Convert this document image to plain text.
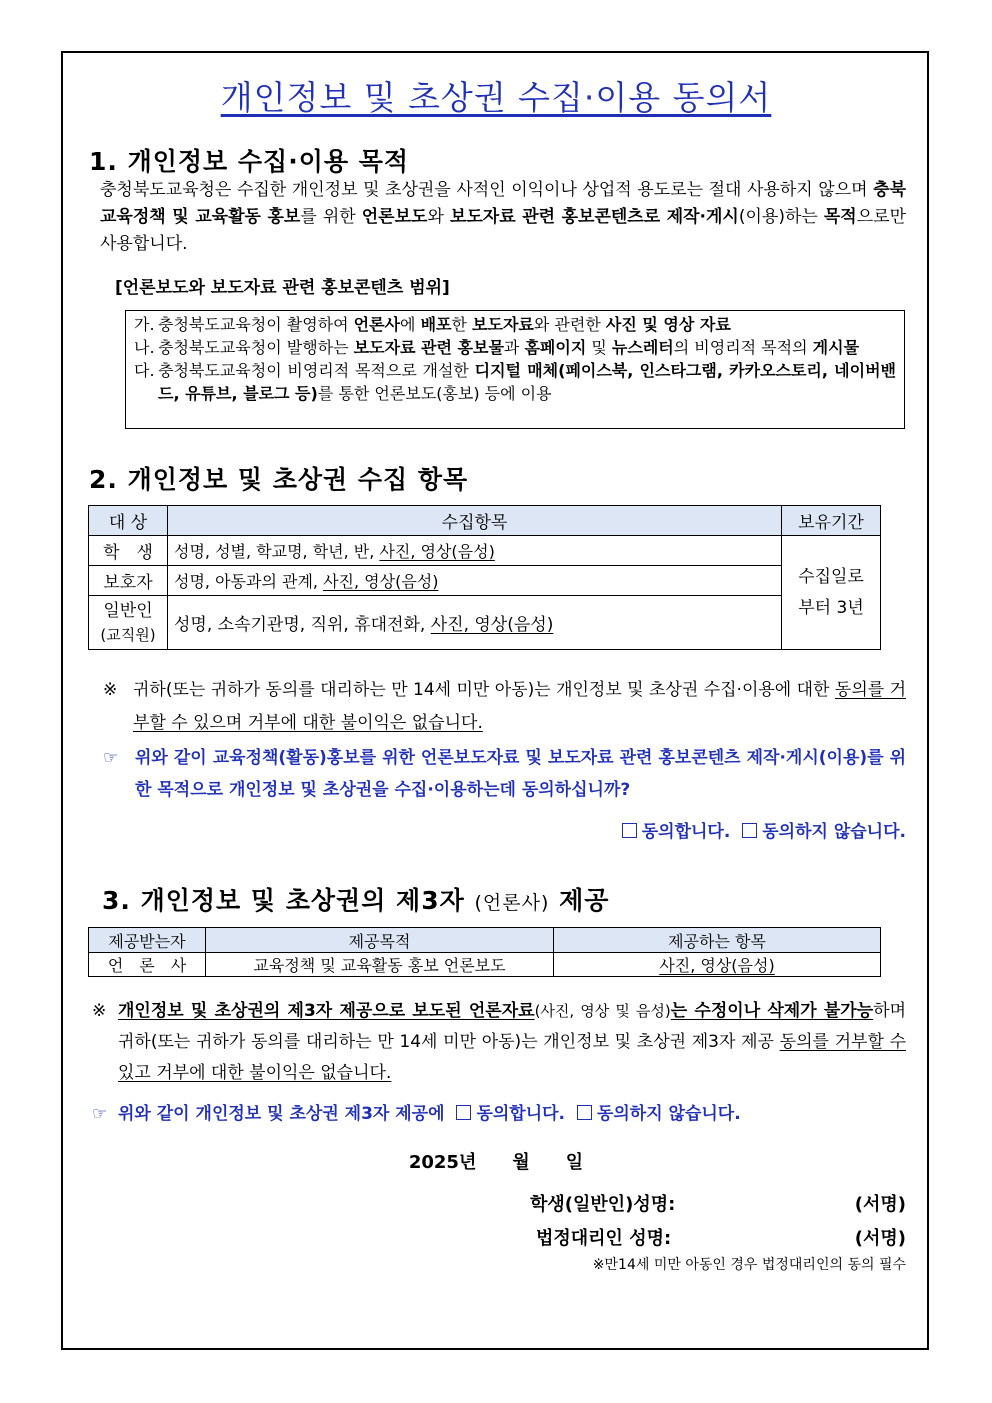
개인정보 및 초상권 수집·이용 동의서
1. 개인정보 수집·이용 목적
충청북도교육청은 수집한 개인정보 및 초상권을 사적인 이익이나 상업적 용도로는 절대 사용하지 않으며 충북교육정책 및 교육활동 홍보를 위한 언론보도와 보도자료 관련 홍보콘텐츠로 제작·게시(이용)하는 목적으로만 사용합니다.
[언론보도와 보도자료 관련 홍보콘텐츠 범위]
가. 충청북도교육청이 촬영하여 언론사에 배포한 보도자료와 관련한 사진 및 영상 자료
나. 충청북도교육청이 발행하는 보도자료 관련 홍보물과 홈페이지 및 뉴스레터의 비영리적 목적의 게시물
다. 충청북도교육청이 비영리적 목적으로 개설한 디지털 매체(페이스북, 인스타그램, 카카오스토리, 네이버밴드, 유튜브, 블로그 등)를 통한 언론보도(홍보) 등에 이용
2. 개인정보 및 초상권 수집 항목
대 상	수집항목	보유기간
학　생	성명, 성별, 학교명, 학년, 반, 사진, 영상(음성)	수집일로
부터 3년

보호자	성명, 아동과의 관계, 사진, 영상(음성)	

일반인
(교직원)	성명, 소속기관명, 직위, 휴대전화, 사진, 영상(음성)	
※ 귀하(또는 귀하가 동의를 대리하는 만 14세 미만 아동)는 개인정보 및 초상권 수집·이용에 대한 동의를 거부할 수 있으며 거부에 대한 불이익은 없습니다.
☞ 위와 같이 교육정책(활동)홍보를 위한 언론보도자료 및 보도자료 관련 홍보콘텐츠 제작·게시(이용)를 위한 목적으로 개인정보 및 초상권을 수집·이용하는데 동의하십니까?
동의합니다. 동의하지 않습니다.
3. 개인정보 및 초상권의 제3자 (언론사) 제공
제공받는자	제공목적	제공하는 항목
언　론　사	교육정책 및 교육활동 홍보 언론보도	사진, 영상(음성)
※ 개인정보 및 초상권의 제3자 제공으로 보도된 언론자료(사진, 영상 및 음성)는 수정이나 삭제가 불가능하며 귀하(또는 귀하가 동의를 대리하는 만 14세 미만 아동)는 개인정보 및 초상권 제3자 제공 동의를 거부할 수 있고 거부에 대한 불이익은 없습니다.
☞ 위와 같이 개인정보 및 초상권 제3자 제공에 동의합니다. 동의하지 않습니다.
2025년　　월　　일
학생(일반인)성명:	(서명)
법정대리인 성명:	(서명)
※만14세 미만 아동인 경우 법정대리인의 동의 필수
